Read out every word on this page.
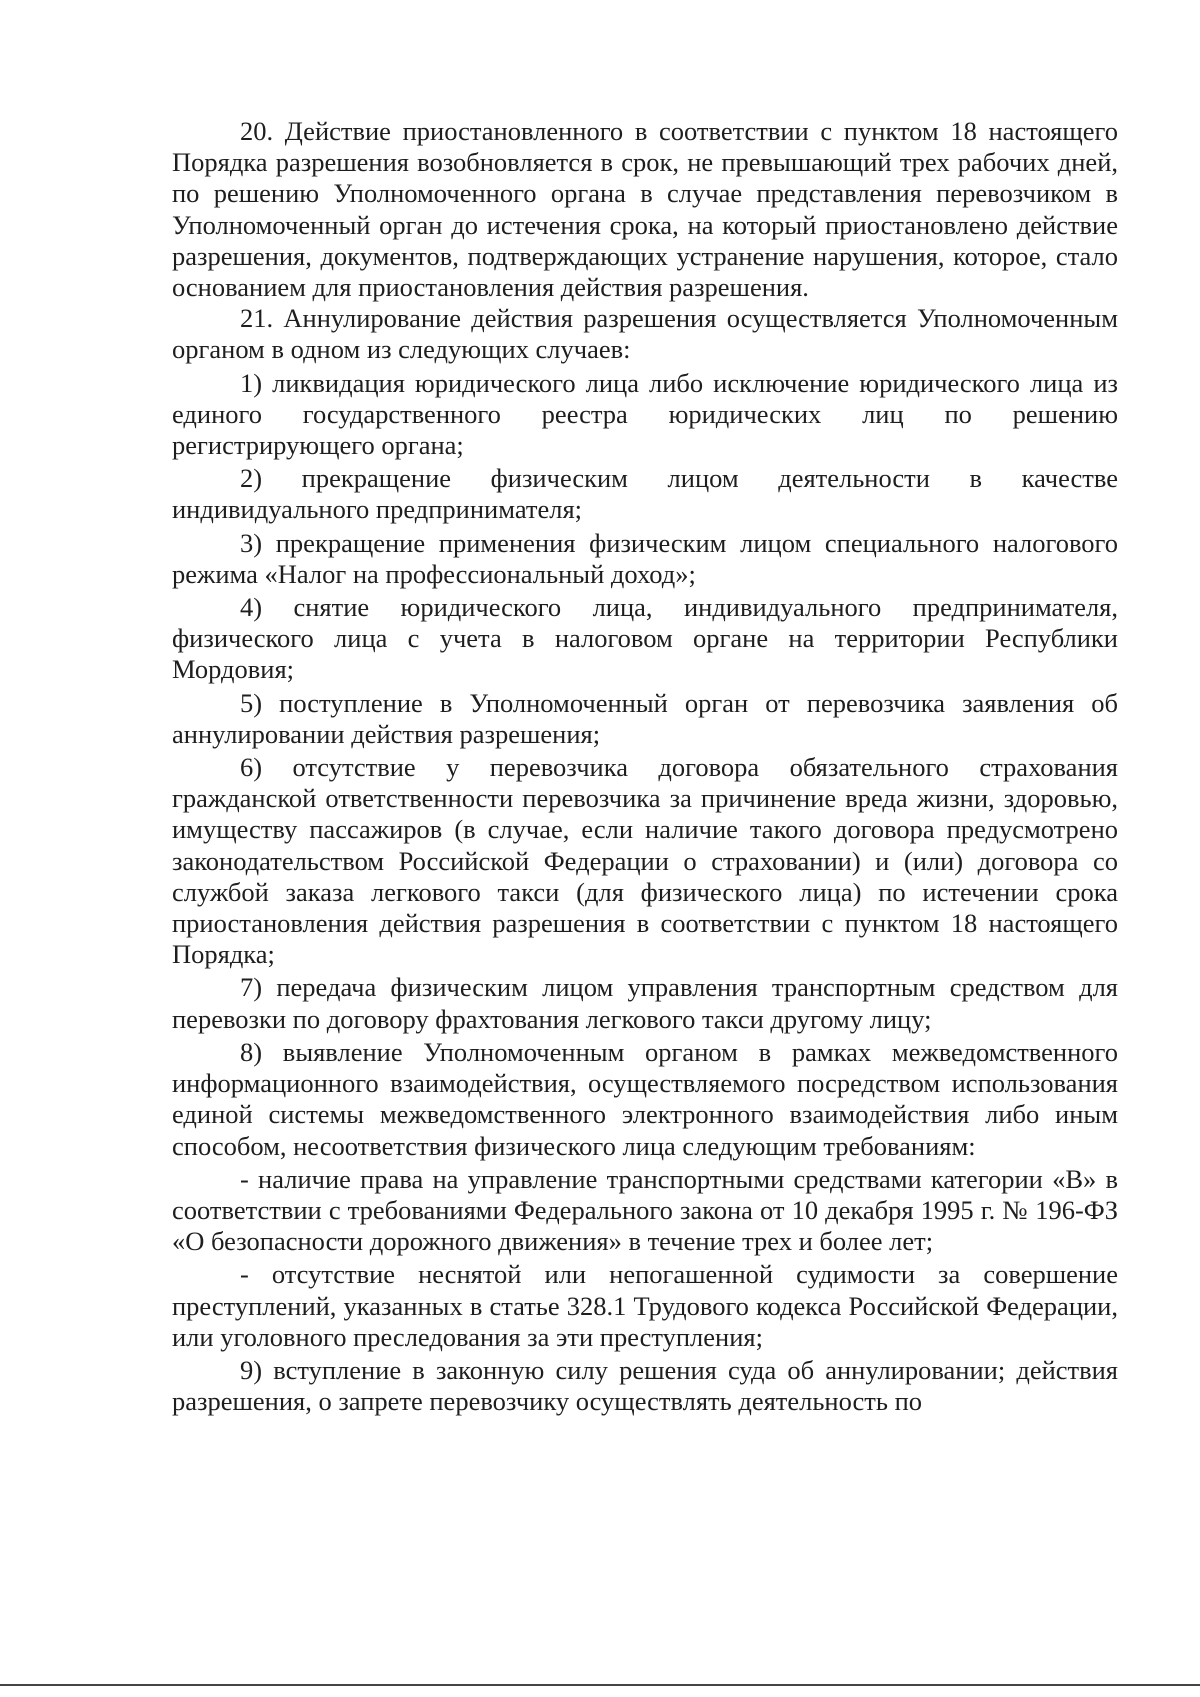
20. Действие приостановленного в соответствии с пунктом 18 настоящего Порядка разрешения возобновляется в срок, не превышающий трех рабочих дней, по решению Уполномоченного органа в случае представления перевозчиком в Уполномоченный орган до истечения срока, на который приостановлено действие разрешения, документов, подтверждающих устранение нарушения, которое, стало основанием для приостановления действия разрешения.

21. Аннулирование действия разрешения осуществляется Уполномоченным органом в одном из следующих случаев:

1) ликвидация юридического лица либо исключение юридического лица из единого государственного реестра юридических лиц по решению регистрирующего органа;

2) прекращение физическим лицом деятельности в качестве индивидуального предпринимателя;

3) прекращение применения физическим лицом специального налогового режима «Налог на профессиональный доход»;

4) снятие юридического лица, индивидуального предпринимателя, физического лица с учета в налоговом органе на территории Республики Мордовия;

5) поступление в Уполномоченный орган от перевозчика заявления об аннулировании действия разрешения;

6) отсутствие у перевозчика договора обязательного страхования гражданской ответственности перевозчика за причинение вреда жизни, здоровью, имуществу пассажиров (в случае, если наличие такого договора предусмотрено законодательством Российской Федерации о страховании) и (или) договора со службой заказа легкового такси (для физического лица) по истечении срока приостановления действия разрешения в соответствии с пунктом 18 настоящего Порядка;

7) передача физическим лицом управления транспортным средством для перевозки по договору фрахтования легкового такси другому лицу;

8) выявление Уполномоченным органом в рамках межведомственного информационного взаимодействия, осуществляемого посредством использования единой системы межведомственного электронного взаимодействия либо иным способом, несоответствия физического лица следующим требованиям:

- наличие права на управление транспортными средствами категории «В» в соответствии с требованиями Федерального закона от 10 декабря 1995 г. № 196-ФЗ «О безопасности дорожного движения» в течение трех и более лет;

- отсутствие неснятой или непогашенной судимости за совершение преступлений, указанных в статье 328.1 Трудового кодекса Российской Федерации, или уголовного преследования за эти преступления;

9) вступление в законную силу решения суда об аннулировании; действия разрешения, о запрете перевозчику осуществлять деятельность по
